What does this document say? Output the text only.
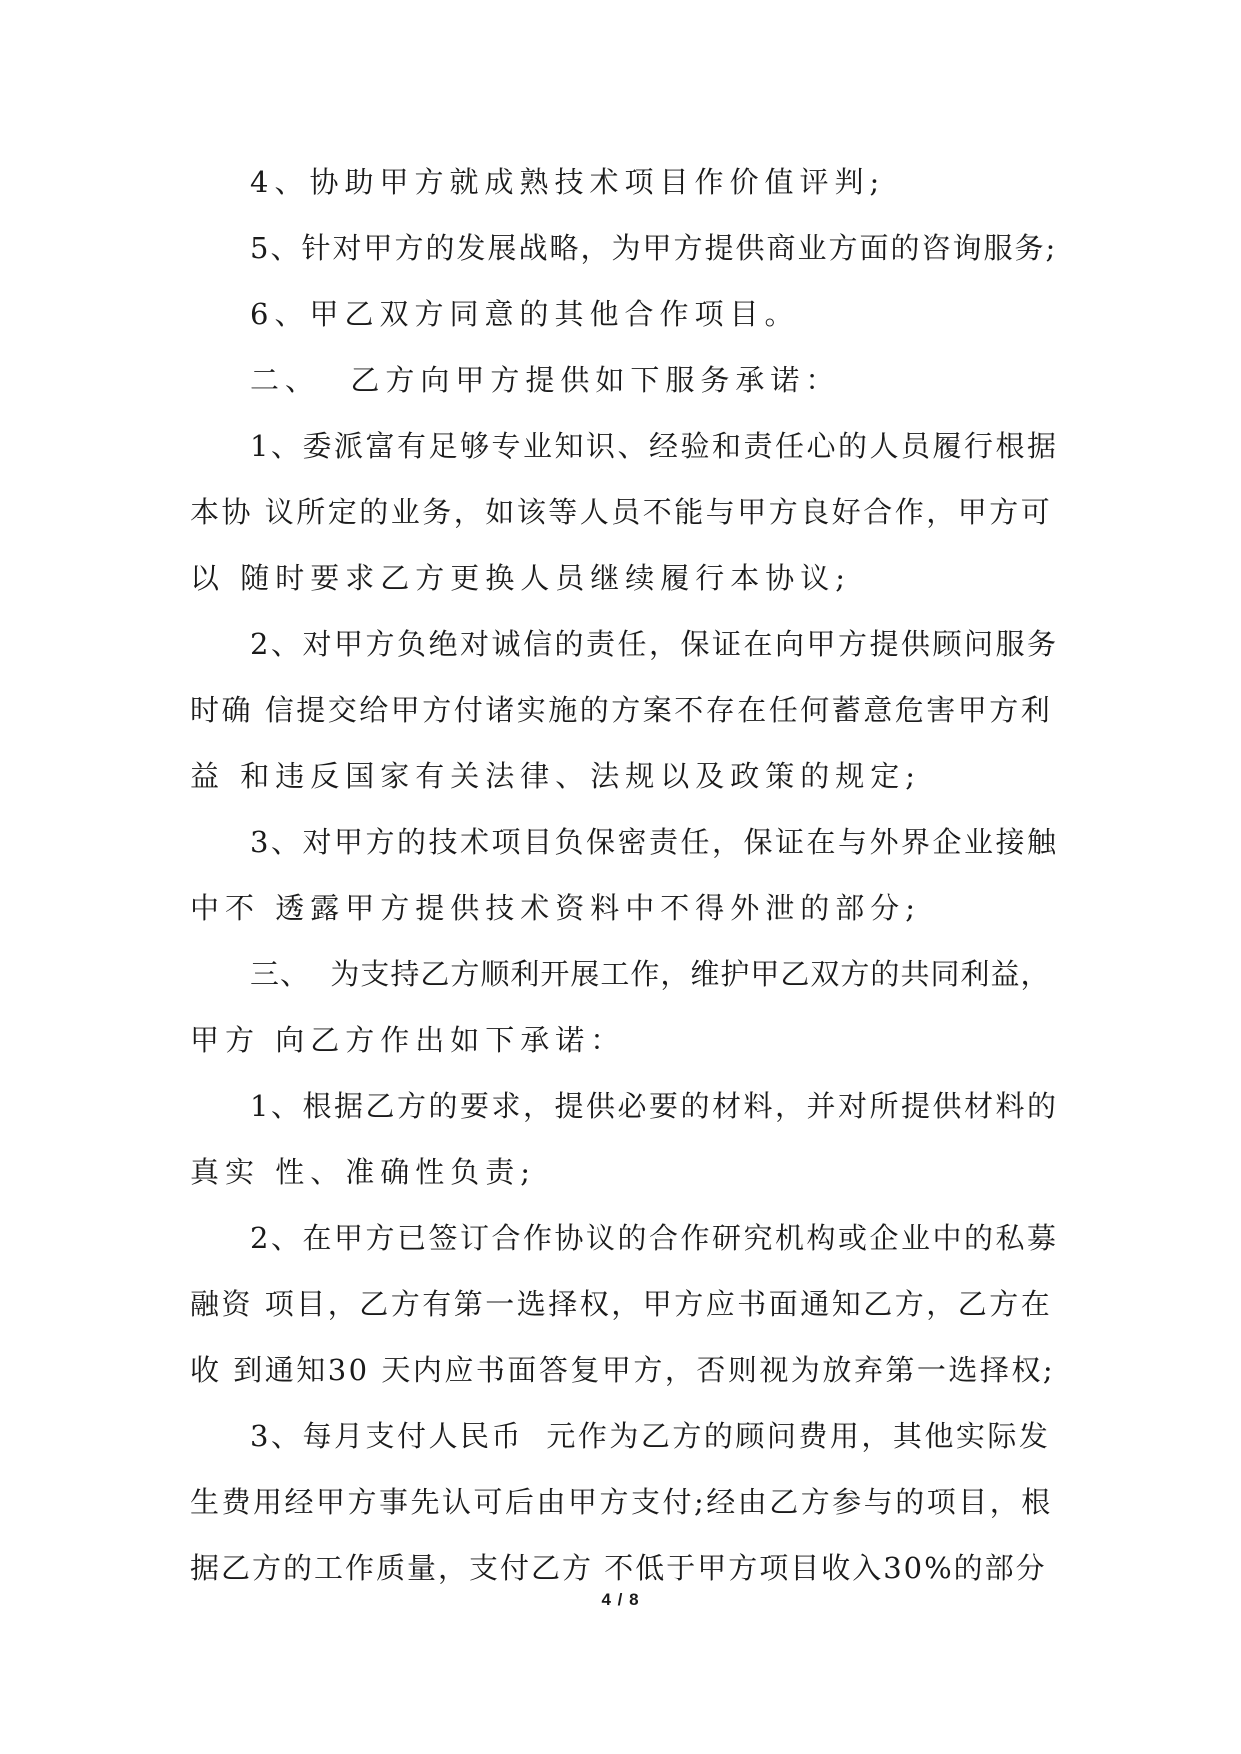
4、协助甲方就成熟技术项目作价值评判;
5、针对甲方的发展战略，为甲方提供商业方面的咨询服务;
6、甲乙双方同意的其他合作项目。
二、  乙方向甲方提供如下服务承诺：
1、委派富有足够专业知识、经验和责任心的人员履行根据
本协 议所定的业务，如该等人员不能与甲方良好合作，甲方可
以 随时要求乙方更换人员继续履行本协议;
2、对甲方负绝对诚信的责任，保证在向甲方提供顾问服务
时确 信提交给甲方付诸实施的方案不存在任何蓄意危害甲方利
益 和违反国家有关法律、法规以及政策的规定;
3、对甲方的技术项目负保密责任，保证在与外界企业接触
中不 透露甲方提供技术资料中不得外泄的部分;
三、  为支持乙方顺利开展工作，维护甲乙双方的共同利益，
甲方 向乙方作出如下承诺：
1、根据乙方的要求，提供必要的材料，并对所提供材料的
真实 性、准确性负责;
2、在甲方已签订合作协议的合作研究机构或企业中的私募
融资 项目，乙方有第一选择权，甲方应书面通知乙方，乙方在
收 到通知30 天内应书面答复甲方，否则视为放弃第一选择权;
3、每月支付人民币  元作为乙方的顾问费用，其他实际发
生费用经甲方事先认可后由甲方支付;经由乙方参与的项目，根
据乙方的工作质量，支付乙方 不低于甲方项目收入30%的部分
4 / 8
